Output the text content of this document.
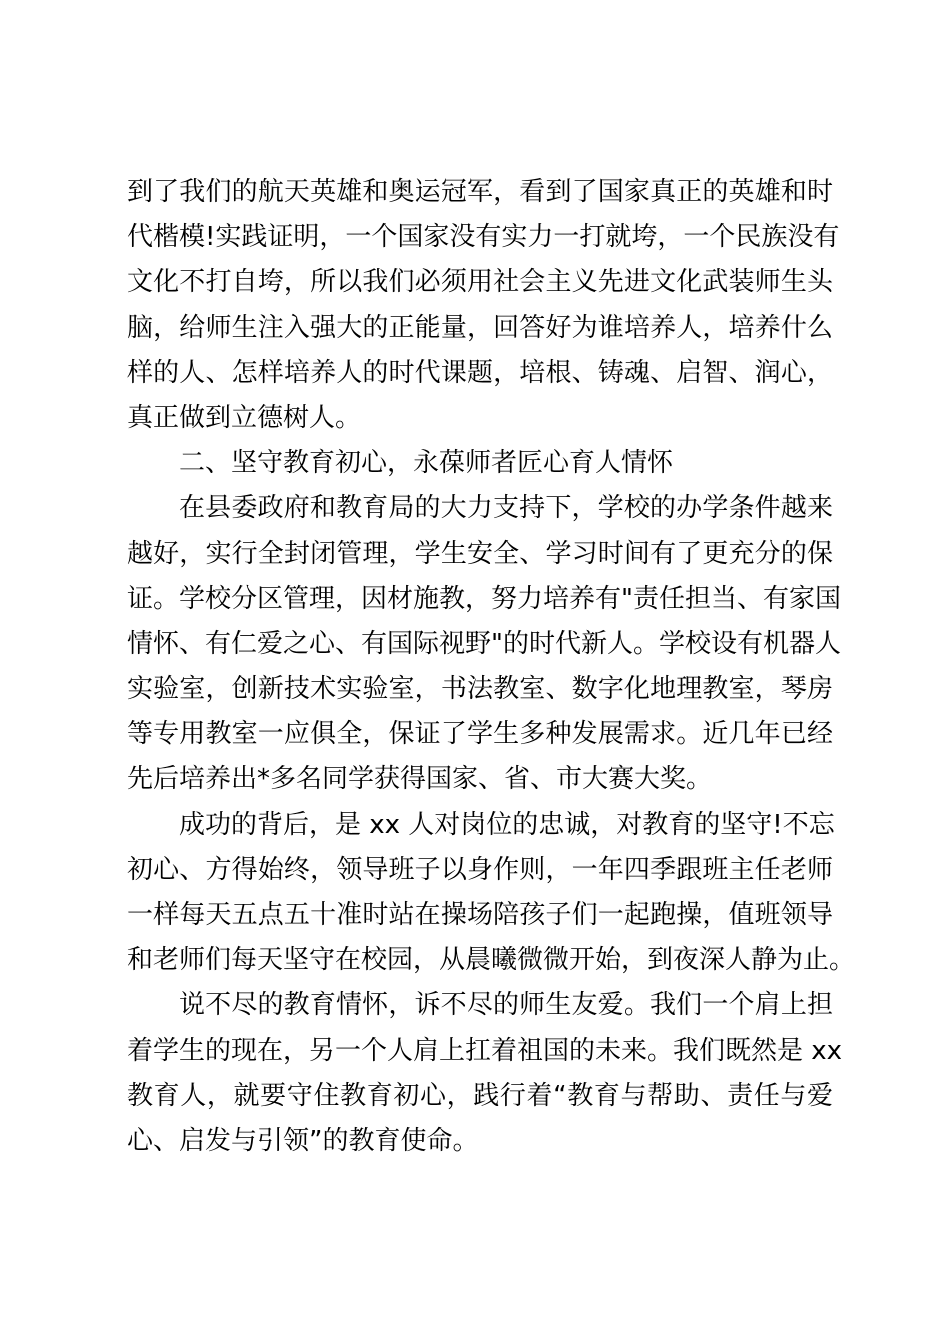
到了我们的航天英雄和奥运冠军，看到了国家真正的英雄和时
代楷模!实践证明，一个国家没有实力一打就垮，一个民族没有
文化不打自垮，所以我们必须用社会主义先进文化武装师生头
脑，给师生注入强大的正能量，回答好为谁培养人，培养什么
样的人、怎样培养人的时代课题，培根、铸魂、启智、润心，
真正做到立德树人。
二、坚守教育初心，永葆师者匠心育人情怀
在县委政府和教育局的大力支持下，学校的办学条件越来
越好，实行全封闭管理，学生安全、学习时间有了更充分的保
证。学校分区管理，因材施教，努力培养有"责任担当、有家国
情怀、有仁爱之心、有国际视野"的时代新人。学校设有机器人
实验室，创新技术实验室，书法教室、数字化地理教室，琴房
等专用教室一应俱全，保证了学生多种发展需求。近几年已经
先后培养出*多名同学获得国家、省、市大赛大奖。
成功的背后，是 xx 人对岗位的忠诚，对教育的坚守!不忘
初心、方得始终，领导班子以身作则，一年四季跟班主任老师
一样每天五点五十准时站在操场陪孩子们一起跑操，值班领导
和老师们每天坚守在校园，从晨曦微微开始，到夜深人静为止。
说不尽的教育情怀，诉不尽的师生友爱。我们一个肩上担
着学生的现在，另一个人肩上扛着祖国的未来。我们既然是 xx
教育人，就要守住教育初心，践行着“教育与帮助、责任与爱
心、启发与引领”的教育使命。
